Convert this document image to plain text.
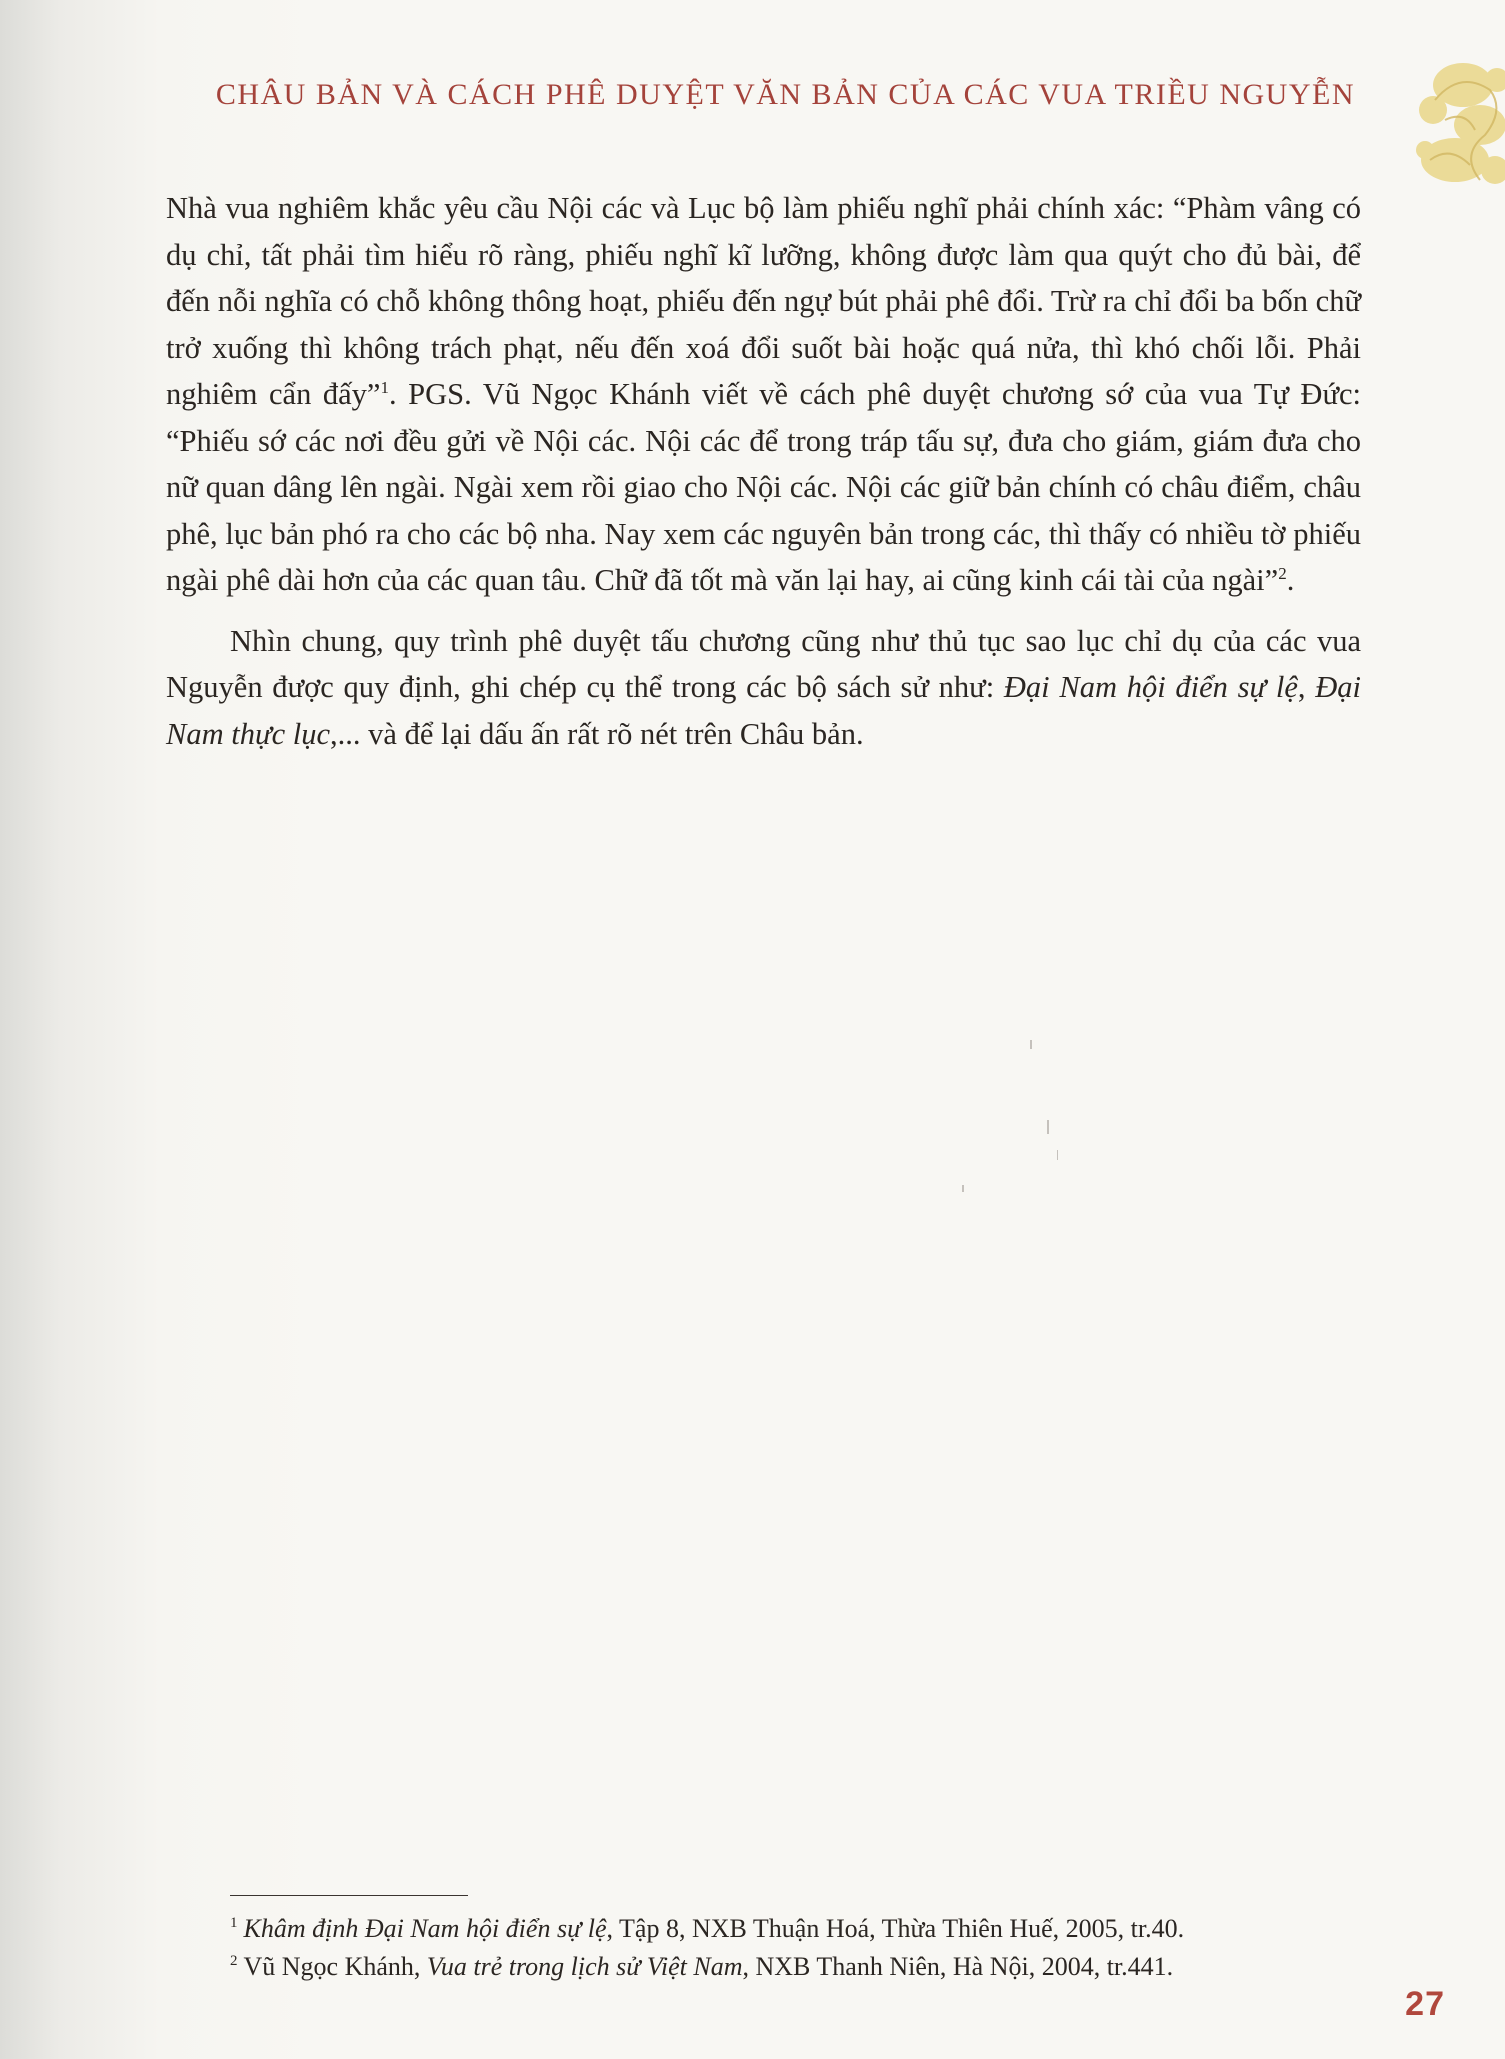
CHÂU BẢN VÀ CÁCH PHÊ DUYỆT VĂN BẢN CỦA CÁC VUA TRIỀU NGUYỄN

Nhà vua nghiêm khắc yêu cầu Nội các và Lục bộ làm phiếu nghĩ phải chính xác: “Phàm vâng có dụ chỉ, tất phải tìm hiểu rõ ràng, phiếu nghĩ kĩ lưỡng, không được làm qua quýt cho đủ bài, để đến nỗi nghĩa có chỗ không thông hoạt, phiếu đến ngự bút phải phê đổi. Trừ ra chỉ đổi ba bốn chữ trở xuống thì không trách phạt, nếu đến xoá đổi suốt bài hoặc quá nửa, thì khó chối lỗi. Phải nghiêm cẩn đấy”$^1$. PGS. Vũ Ngọc Khánh viết về cách phê duyệt chương sớ của vua Tự Đức: “Phiếu sớ các nơi đều gửi về Nội các. Nội các để trong tráp tấu sự, đưa cho giám, giám đưa cho nữ quan dâng lên ngài. Ngài xem rồi giao cho Nội các. Nội các giữ bản chính có châu điểm, châu phê, lục bản phó ra cho các bộ nha. Nay xem các nguyên bản trong các, thì thấy có nhiều tờ phiếu ngài phê dài hơn của các quan tâu. Chữ đã tốt mà văn lại hay, ai cũng kinh cái tài của ngài”$^2$.

Nhìn chung, quy trình phê duyệt tấu chương cũng như thủ tục sao lục chỉ dụ của các vua Nguyễn được quy định, ghi chép cụ thể trong các bộ sách sử như: Đại Nam hội điển sự lệ, Đại Nam thực lục,... và để lại dấu ấn rất rõ nét trên Châu bản.

$^1$ Khâm định Đại Nam hội điển sự lệ, Tập 8, NXB Thuận Hoá, Thừa Thiên Huế, 2005, tr.40.
$^2$ Vũ Ngọc Khánh, Vua trẻ trong lịch sử Việt Nam, NXB Thanh Niên, Hà Nội, 2004, tr.441.
27
